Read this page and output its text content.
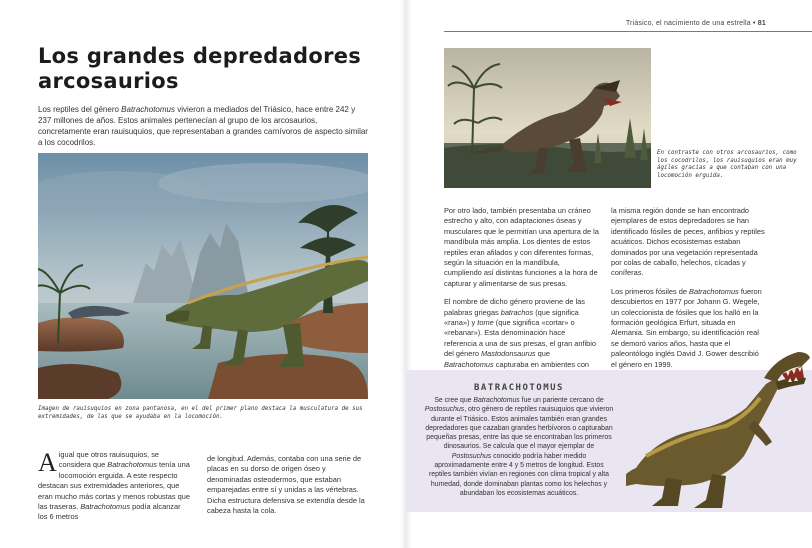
Los grandes depredadores arcosaurios

Los reptiles del género Batrachotomus vivieron a mediados del Triásico, hace entre 242 y 237 millones de años. Estos animales pertenecían al grupo de los arcosaurios, concretamente eran rauisuquios, que representaban a grandes carnívoros de aspecto similar a los cocodrilos.

Imagen de rauisuquios en zona pantanosa, en el del primer plano destaca la musculatura de sus extremidades, de las que se ayudaba en la locomoción.

A igual que otros rauisuquios, se considera que Batrachotomus tenía una locomoción erguida. A este respecto destacan sus extremidades anteriores, que eran mucho más cortas y menos robustas que las traseras. Batrachotomus podía alcanzar los 6 metros

de longitud. Además, contaba con una serie de placas en su dorso de origen óseo y denominadas osteodermos, que estaban emparejadas entre sí y unidas a las vértebras. Dicha estructura defensiva se extendía desde la cabeza hasta la cola.

Triásico, el nacimiento de una estrella • 81

En contraste con otros arcosaurios, como los cocodrilos, los rauisuquios eran muy ágiles gracias a que contaban con una locomoción erguida.

Por otro lado, también presentaba un cráneo estrecho y alto, con adaptaciones óseas y musculares que le permitían una apertura de la mandíbula más amplia. Los dientes de estos reptiles eran afilados y con diferentes formas, según la situación en la mandíbula, cumpliendo así distintas funciones a la hora de capturar y alimentarse de sus presas.

El nombre de dicho género proviene de las palabras griegas batrachos (que significa «rana») y tome (que significa «cortar» o «rebanar»). Esta denominación hace referencia a una de sus presas, el gran anfibio del género Mastodonsaurus que Batrachotomus capturaba en ambientes con

la misma región donde se han encontrado ejemplares de estos depredadores se han identificado fósiles de peces, anfibios y reptiles acuáticos. Dichos ecosistemas estaban dominados por una vegetación representada por colas de caballo, helechos, cícadas y coníferas.

Los primeros fósiles de Batrachotomus fueron descubiertos en 1977 por Johann G. Wegele, un coleccionista de fósiles que los halló en la formación geológica Erfurt, situada en Alemania. Sin embargo, su identificación real se demoró varios años, hasta que el paleontólogo inglés David J. Gower describió el género en 1999.

BATRACHOTOMUS

Se cree que Batrachotomus fue un pariente cercano de Postosuchus, otro género de reptiles rauisuquios que vivieron durante el Triásico. Estos animales también eran grandes depredadores que cazaban grandes herbívoros o capturaban pequeñas presas, entre las que se encontraban los primeros dinosaurios. Se calcula que el mayor ejemplar de Postosuchus conocido podría haber medido aproximadamente entre 4 y 5 metros de longitud. Estos reptiles también vivían en regiones con clima tropical y alta humedad, donde dominaban plantas como los helechos y abundaban los ecosistemas acuáticos.
